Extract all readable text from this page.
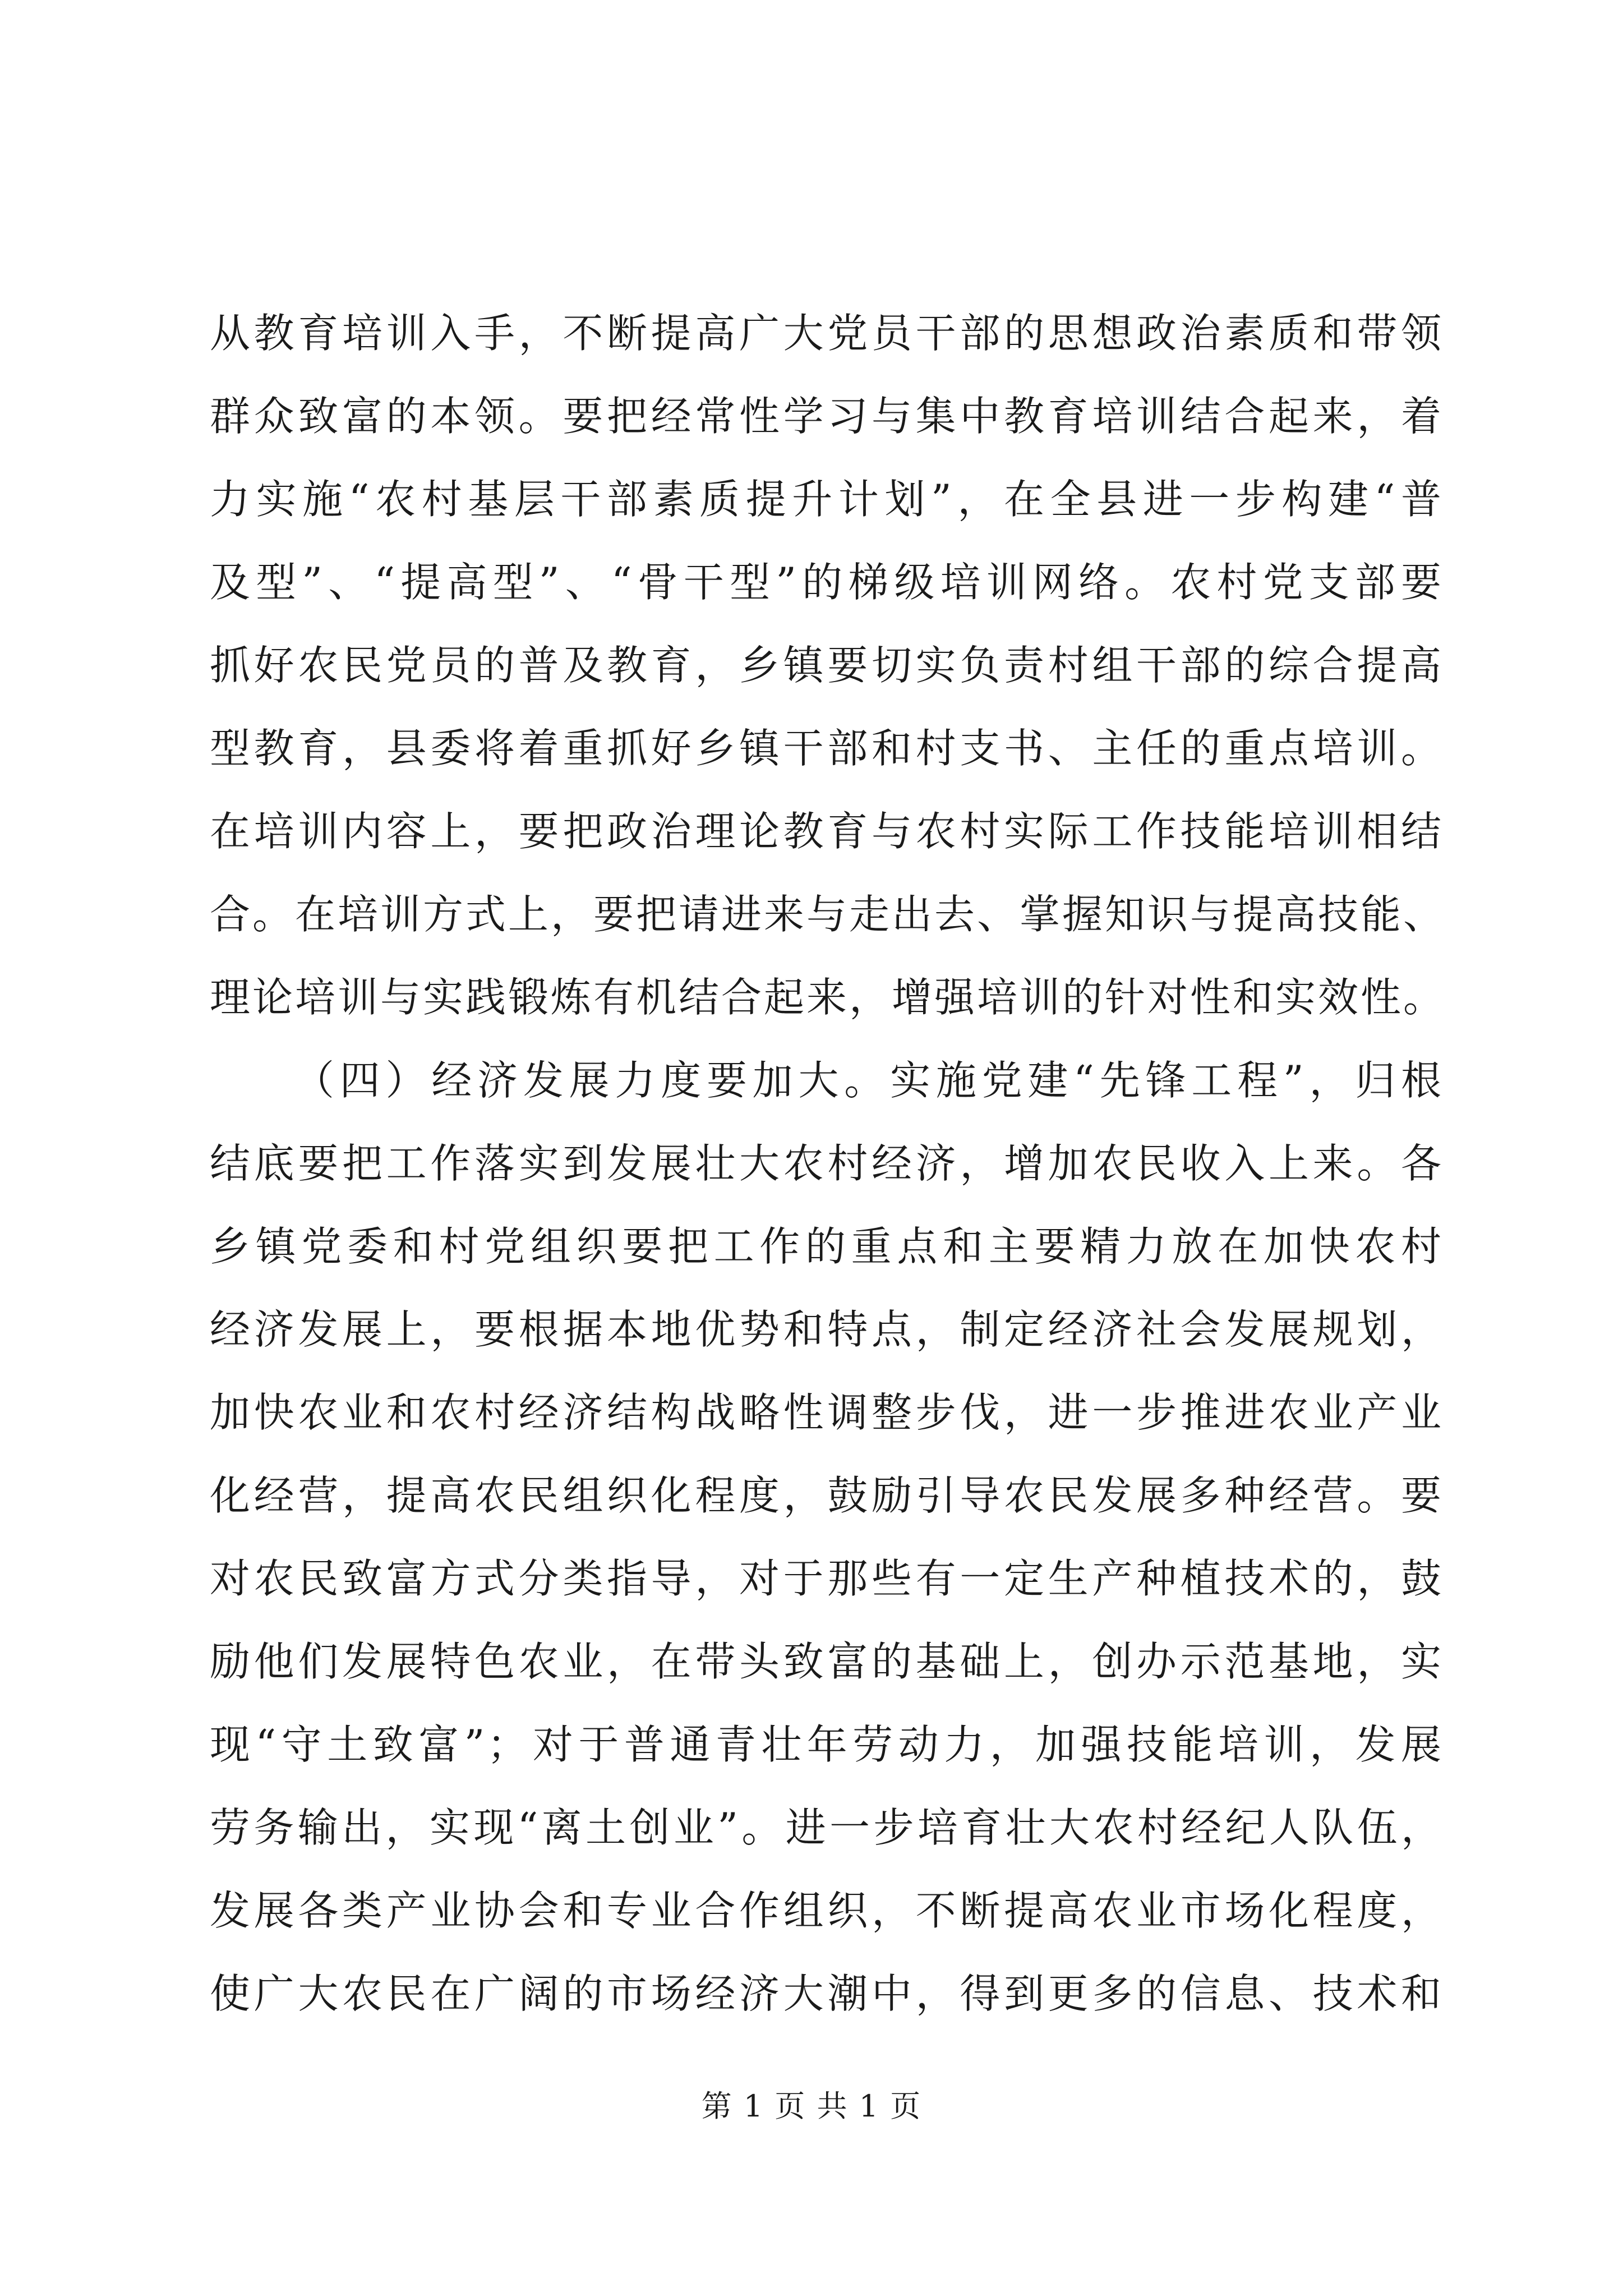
从教育培训入手，不断提高广大党员干部的思想政治素质和带领
群众致富的本领。要把经常性学习与集中教育培训结合起来，着
力实施“农村基层干部素质提升计划”，在全县进一步构建“普
及型”、“提高型”、“骨干型”的梯级培训网络。农村党支部要
抓好农民党员的普及教育，乡镇要切实负责村组干部的综合提高
型教育，县委将着重抓好乡镇干部和村支书、主任的重点培训。
在培训内容上，要把政治理论教育与农村实际工作技能培训相结
合。在培训方式上，要把请进来与走出去、掌握知识与提高技能、
理论培训与实践锻炼有机结合起来，增强培训的针对性和实效性。
（四）经济发展力度要加大。实施党建“先锋工程”，归根
结底要把工作落实到发展壮大农村经济，增加农民收入上来。各
乡镇党委和村党组织要把工作的重点和主要精力放在加快农村
经济发展上，要根据本地优势和特点，制定经济社会发展规划，
加快农业和农村经济结构战略性调整步伐，进一步推进农业产业
化经营，提高农民组织化程度，鼓励引导农民发展多种经营。要
对农民致富方式分类指导，对于那些有一定生产种植技术的，鼓
励他们发展特色农业，在带头致富的基础上，创办示范基地，实
现“守土致富”；对于普通青壮年劳动力，加强技能培训，发展
劳务输出，实现“离土创业”。进一步培育壮大农村经纪人队伍，
发展各类产业协会和专业合作组织，不断提高农业市场化程度，
使广大农民在广阔的市场经济大潮中，得到更多的信息、技术和
第 1 页 共 1 页
